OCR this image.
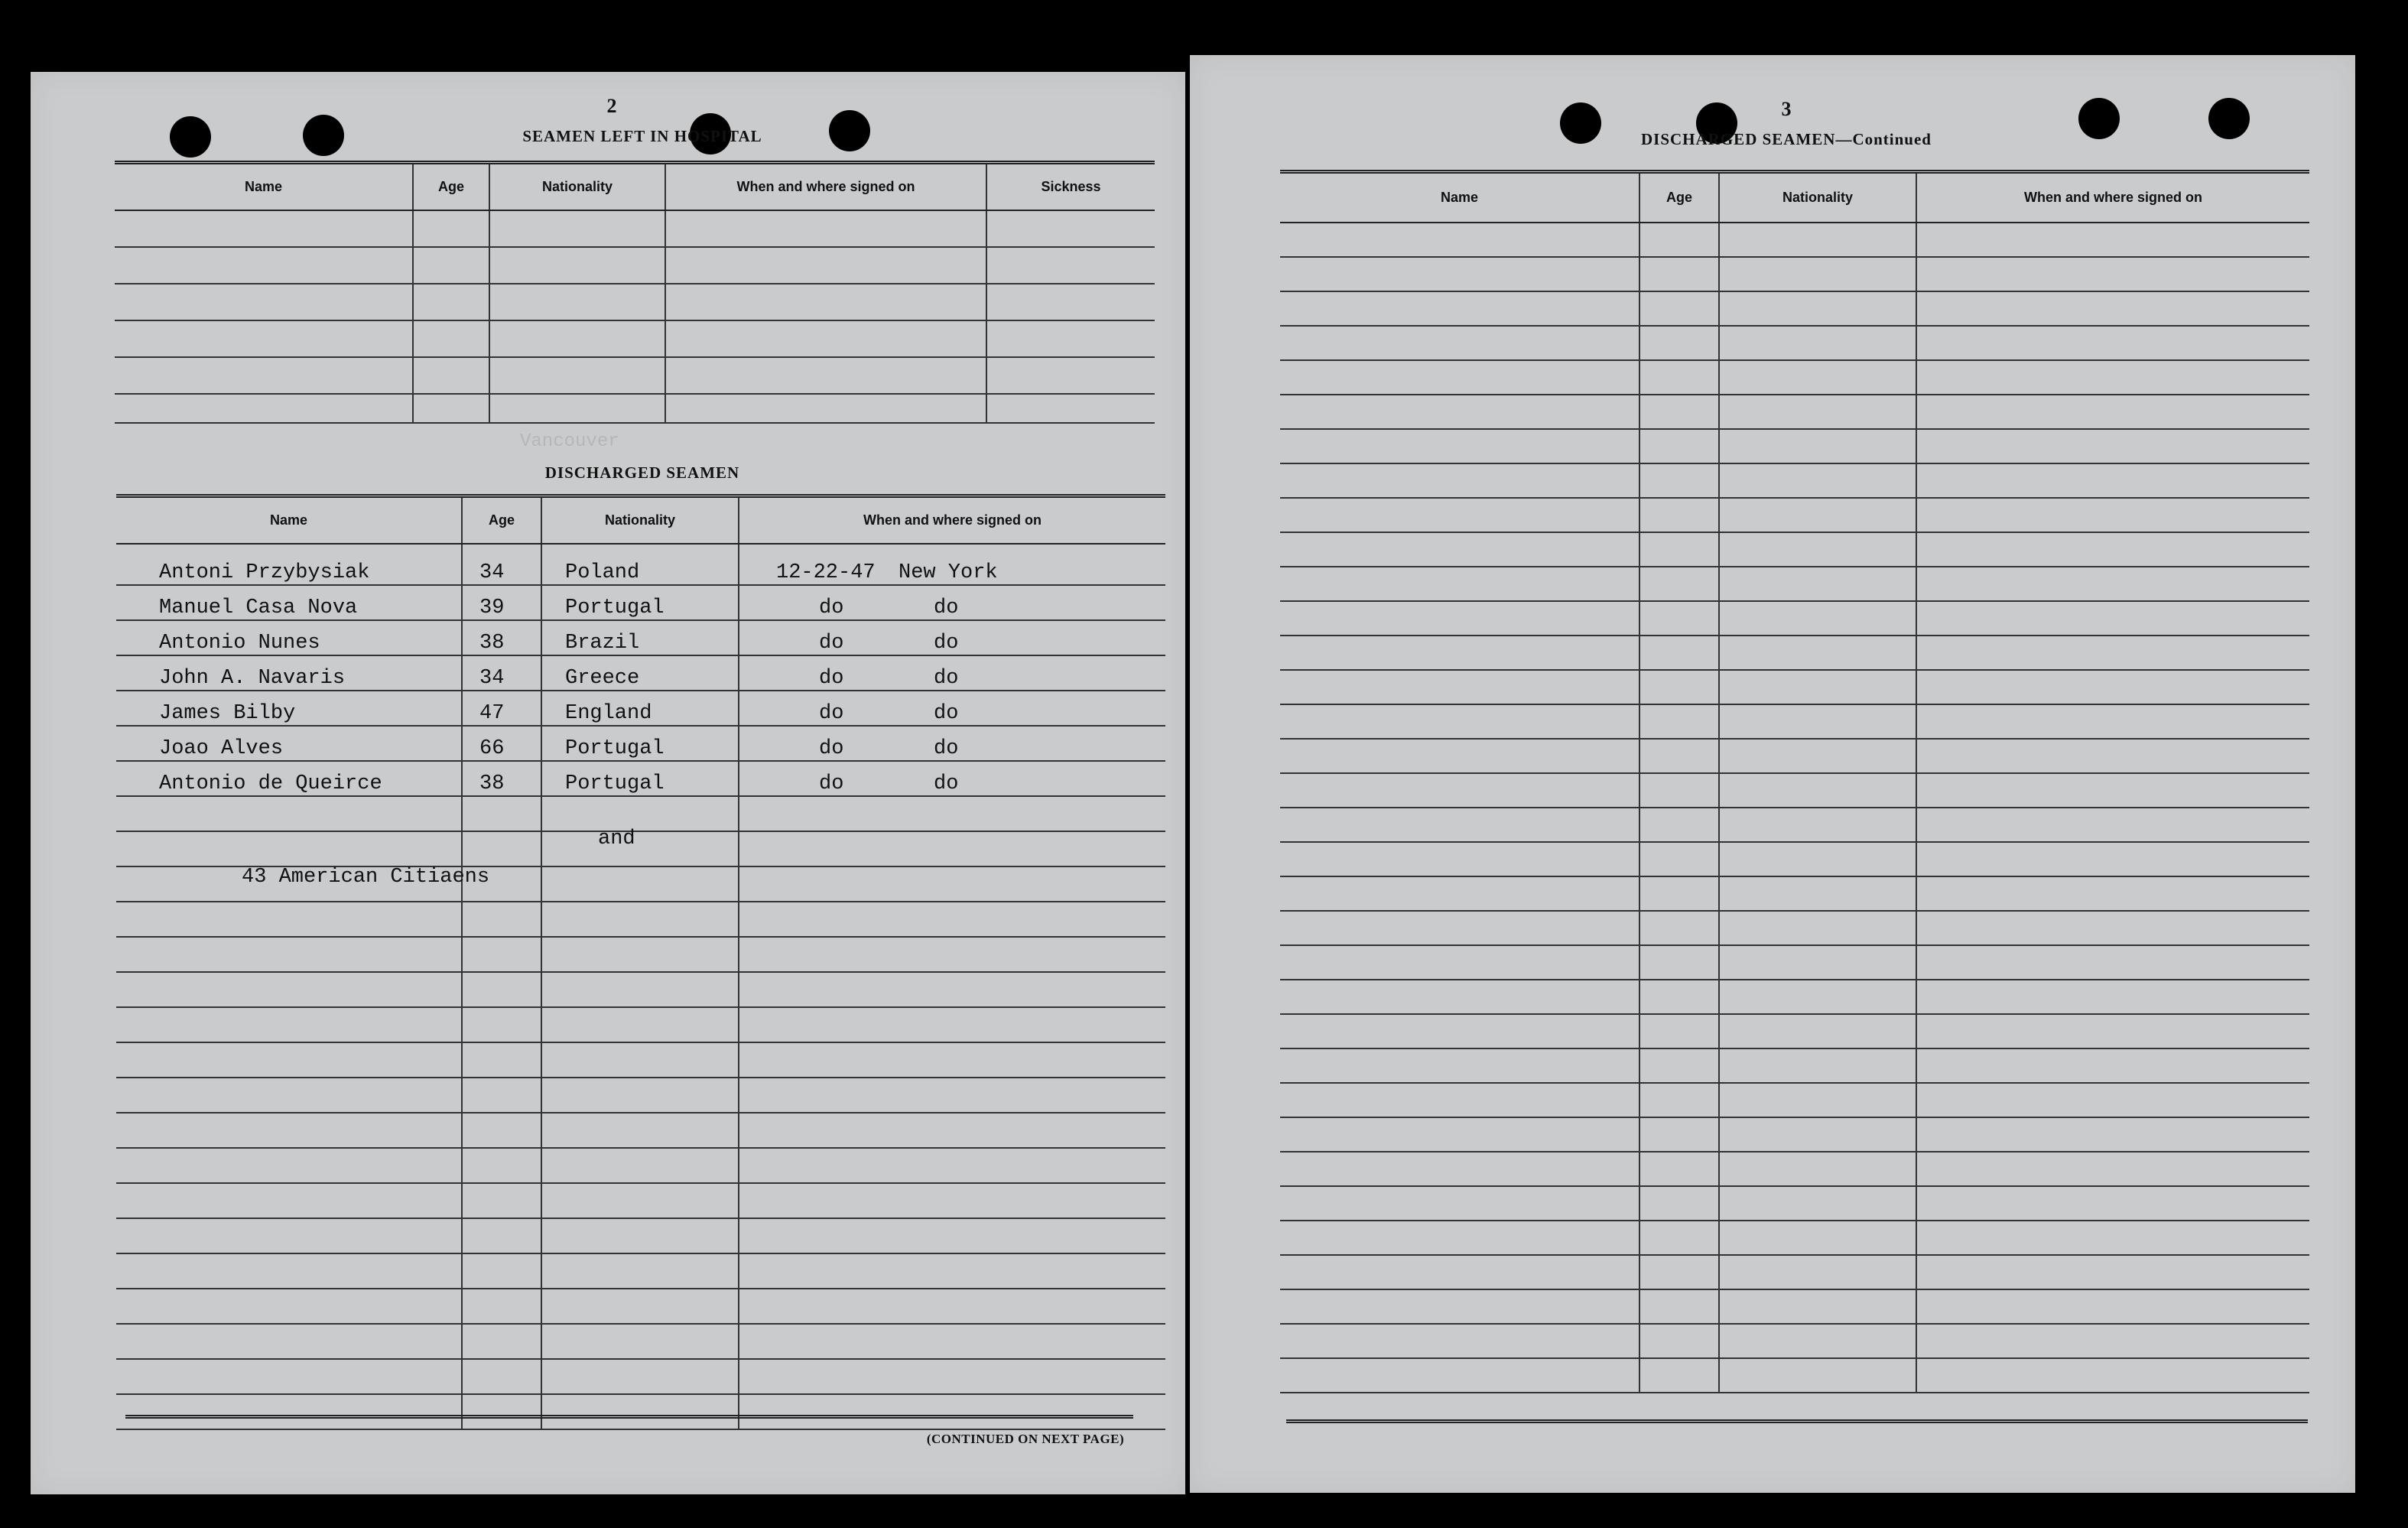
2
SEAMEN LEFT IN HOSPITAL
Name	Age	Nationality	When and where signed on	Sickness

DISCHARGED SEAMEN
Name	Age	Nationality	When and where signed on
Antoni Przybysiak	34	Poland	12-22-47 New York
Manuel Casa Nova	39	Portugal	do do
Antonio Nunes	38	Brazil	do do
John A. Navaris	34	Greece	do do
James Bilby	47	England	do do
Joao Alves	66	Portugal	do do
Antonio de Queirce	38	Portugal	do do

and
43 American Citiaens
(CONTINUED ON NEXT PAGE)
Vancouver
3
DISCHARGED SEAMEN—Continued
Name	Age	Nationality	When and where signed on
